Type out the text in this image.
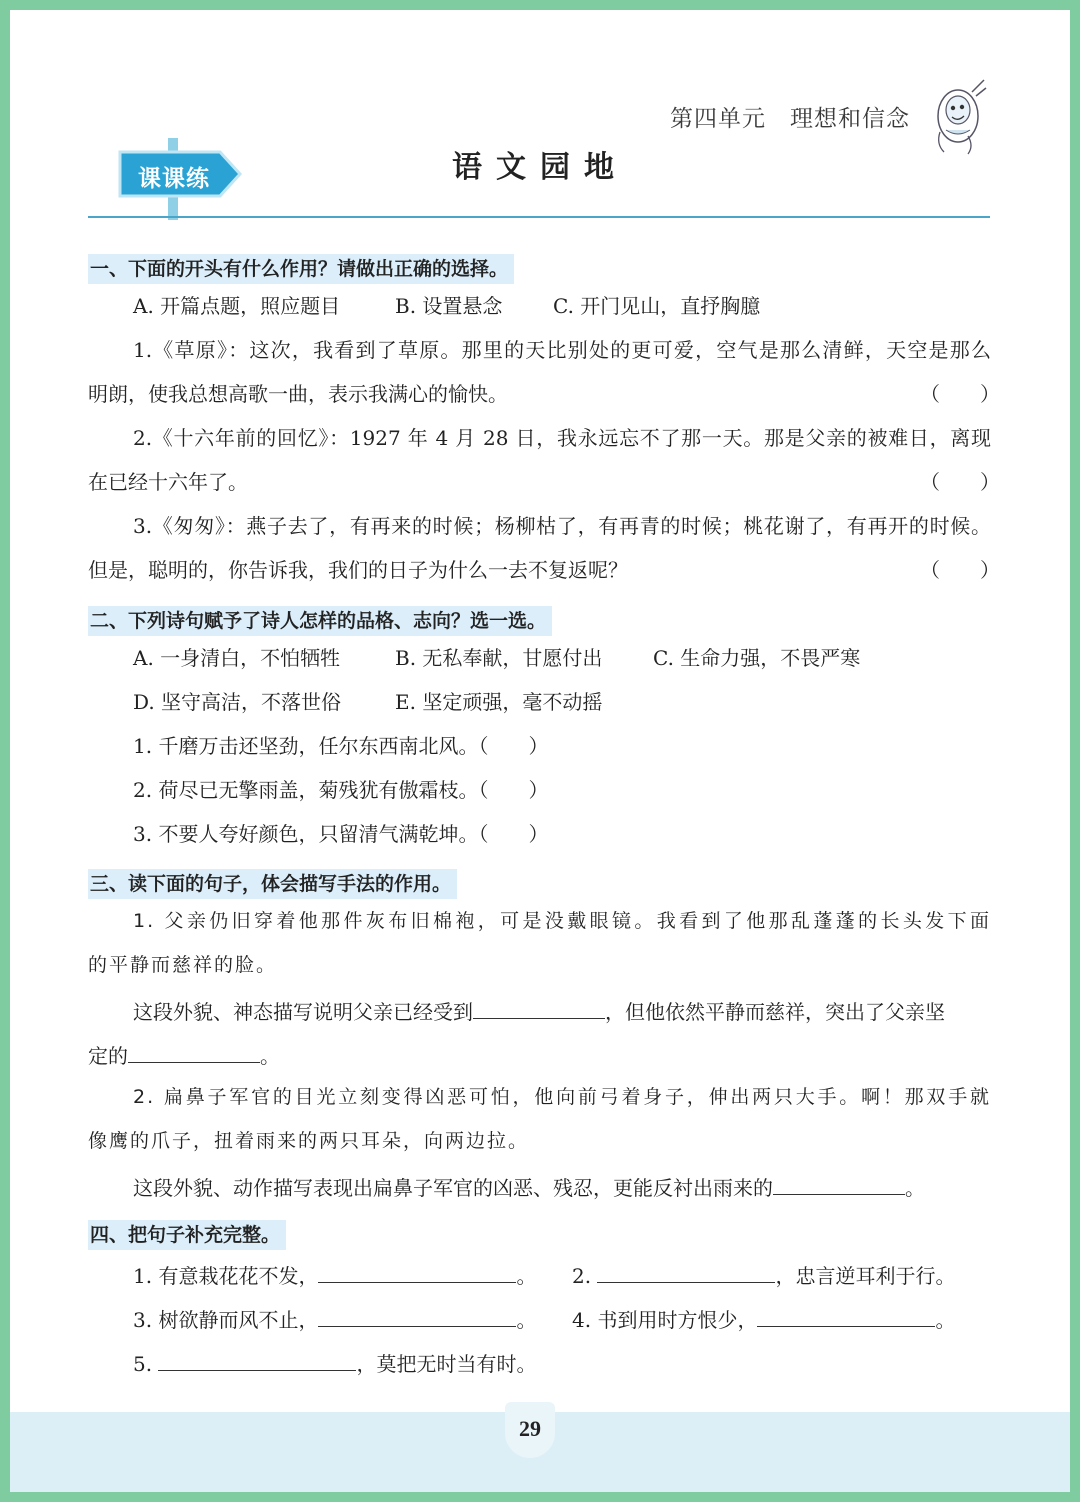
第四单元 理想和信念
课课练	语文园地
一、下面的开头有什么作用？请做出正确的选择。
A. 开篇点题，照应题目	B. 设置悬念	C. 开门见山，直抒胸臆
1.《草原》：这次，我看到了草原。那里的天比别处的更可爱，空气是那么清鲜，天空是那么
明朗，使我总想高歌一曲，表示我满心的愉快。	（　　）
2.《十六年前的回忆》：1927 年 4 月 28 日，我永远忘不了那一天。那是父亲的被难日，离现
在已经十六年了。	（　　）
3.《匆匆》：燕子去了，有再来的时候；杨柳枯了，有再青的时候；桃花谢了，有再开的时候。
但是，聪明的，你告诉我，我们的日子为什么一去不复返呢？	（　　）
二、下列诗句赋予了诗人怎样的品格、志向？选一选。
A. 一身清白，不怕牺牲	B. 无私奉献，甘愿付出	C. 生命力强，不畏严寒
D. 坚守高洁，不落世俗	E. 坚定顽强，毫不动摇
1. 千磨万击还坚劲，任尔东西南北风。（　　）
2. 荷尽已无擎雨盖，菊残犹有傲霜枝。（　　）
3. 不要人夸好颜色，只留清气满乾坤。（　　）
三、读下面的句子，体会描写手法的作用。
1. 父亲仍旧穿着他那件灰布旧棉袍，可是没戴眼镜。我看到了他那乱蓬蓬的长头发下面
的平静而慈祥的脸。
这段外貌、神态描写说明父亲已经受到	，但他依然平静而慈祥，突出了父亲坚
定的	。
2. 扁鼻子军官的目光立刻变得凶恶可怕，他向前弓着身子，伸出两只大手。啊！那双手就
像鹰的爪子，扭着雨来的两只耳朵，向两边拉。
这段外貌、动作描写表现出扁鼻子军官的凶恶、残忍，更能反衬出雨来的	。
四、把句子补充完整。
1. 有意栽花花不发，	。 2.	，忠言逆耳利于行。
3. 树欲静而风不止，	。 4. 书到用时方恨少，	。
5.	，莫把无时当有时。
29
